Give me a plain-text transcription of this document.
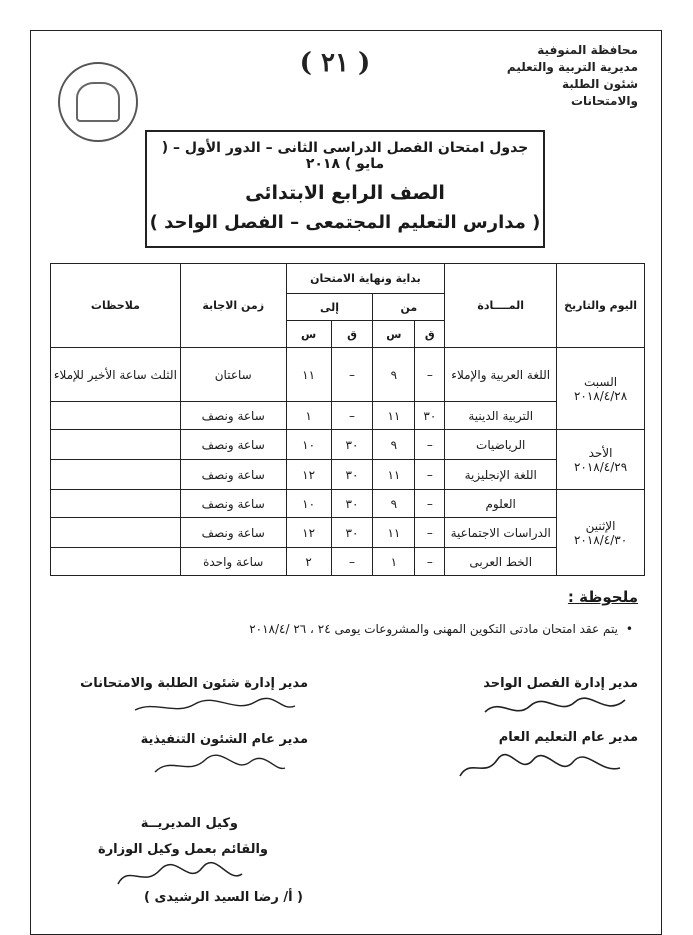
( ٢١ )	محافظة المنوفية
مديرية التربية والتعليم
شئون الطلبة والامتحانات
جدول امتحان الفصل الدراسى الثانى – الدور الأول – ( مايو ) ٢٠١٨
الصف الرابع الابتدائى
( مدارس التعليم المجتمعى – الفصل الواحد )
اليوم والتاريخ	المــــادة	بداية ونهاية الامتحان				زمن الاجابة	ملاحظات
		من		إلى			
		ق	س	ق	س		

السبت
٢٠١٨/٤/٢٨	اللغة العربية والإملاء	–	٩	–	١١	ساعتان	الثلث ساعة الأخير للإملاء
	التربية الدينية	٣٠	١١	–	١	ساعة ونصف	

الأحد
٢٠١٨/٤/٢٩	الرياضيات	–	٩	٣٠	١٠	ساعة ونصف	
	اللغة الإنجليزية	–	١١	٣٠	١٢	ساعة ونصف	

الإثنين
٢٠١٨/٤/٣٠	العلوم	–	٩	٣٠	١٠	ساعة ونصف	
	الدراسات الاجتماعية	–	١١	٣٠	١٢	ساعة ونصف	
	الخط العربى	–	١	–	٢	ساعة واحدة	
ملحوظة :
•يتم عقد امتحان مادتى التكوين المهنى والمشروعات يومى ٢٤ ، ٢٦ /٢٠١٨/٤
مدير إدارة الفصل الواحد
مدير عام التعليم العام
مدير إدارة شئون الطلبة والامتحانات
مدير عام الشئون التنفيذية
وكيل المديريــة
والقائم بعمل وكيل الوزارة
( أ/ رضا السيد الرشيدى )
